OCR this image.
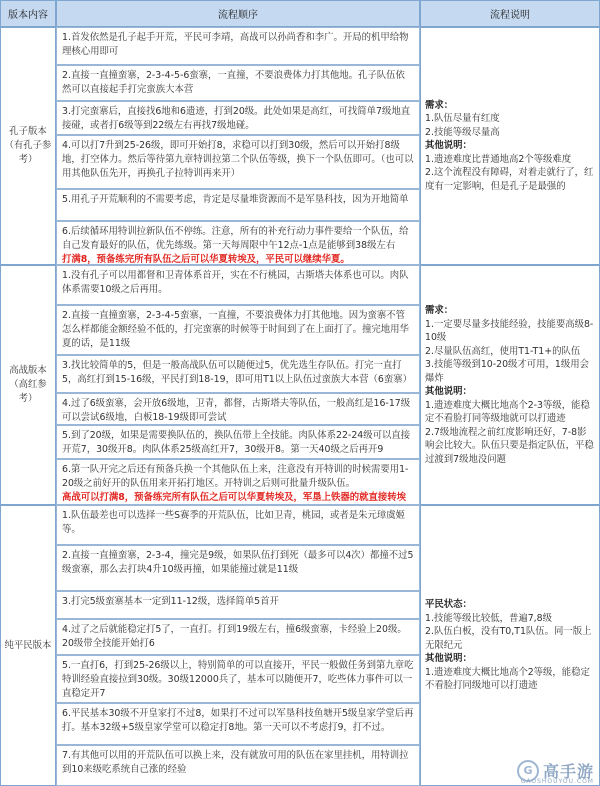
版本内容	流程顺序	流程说明
孔子版本（有孔子参考）
1.首发依然是孔子起手开荒，平民可李靖，高战可以孙尚香和李广。开局的机甲给物理核心用即可
2.直接一直撞蛮寨，2-3-4-5-6蛮寨，一直撞，不要浪费体力打其他地。孔子队伍依然可以直接起手打完蛮族大本营
3.打完蛮寨后，直接找6地和6遗迹，打到20级。此处如果是高红，可找简单7级地直接碰，或者打6级等到22级左右再找7级地碰。
4.可以打7升到25-26级，即可开始打8，求稳可以打到30级，然后可以开始打8级地，打空体力。然后等待第九章特训拉第二个队伍等级，换下一个队伍即可。（也可以用其他队伍先开，再换孔子拉特训再来开）
5.用孔子开荒顺利的不需要考虑，肯定是尽量堆资源而不是军垦科技，因为开地简单
6.后续循环用特训拉新队伍不停练。注意，所有的补充行动力事件要给一个队伍，给自己发育最好的队伍，优先练级。第一天每周限中午12点-1点是能够到38级左右
打满8，预备练完所有队伍之后可以华夏转埃及，平民可以继续华夏。
需求：
1.队伍尽量有红度
2.技能等级尽量高
其他说明：
1.遗迹难度比普通地高2个等级难度
2.这个流程没有障碍，对着走就行了，红度有一定影响，但是孔子是最强的
高战版本（高红参考）
1.没有孔子可以用都督和卫青体系首开，实在不行桃园，古斯塔夫体系也可以。肉队体系需要10级之后再用。
2.直接一直撞蛮寨，2-3-4-5蛮寨，一直撞，不要浪费体力打其他地。因为蛮寨不管怎么样都能金额经验不低的，打完蛮寨的时候等于时间到了在上面打了。撞完地用华夏的话，是11级
3.找比较简单的5，但是一般高战队伍可以随便过5，优先选生存队伍。打完一直打5，高红打到15-16级，平民打到18-19，即可用T1以上队伍过蛮族大本营（6蛮寨）
4.过了6级蛮寨，会开放6级地，卫青，都督，古斯塔夫等队伍，一般高红是16-17级可以尝试6级地，白板18-19级即可尝试
5.到了20级，如果是需要换队伍的，换队伍带上全技能。肉队体系22-24级可以直接开荒7，30级开8。肉队体系25级高红开7，30级开8。第一天40级之后再开9
6.第一队开完之后还有预备兵换一个其他队伍上来，注意没有开特训的时候需要用1-20级之前好开的队伍用来开拓打地区。开特训之后则可批量升级队伍。
高战可以打满8，预备练完所有队伍之后可以华夏转埃及，军垦上铁器的就直接转埃
需求：
1.一定要尽量多技能经验，技能要高级8-10级
2.尽量队伍高红，使用T1-T1+的队伍
3.技能等级到10-20级才可用，1级用会爆炸
其他说明：
1.遗迹难度大概比地高个2-3等级，能稳定不看脸打同等级地就可以打遗迹
2.7级地流程之前红度影响还好，7-8影响会比较大。队伍只要是指定队伍，平稳过渡到7级地没问题
纯平民版本
1.队伍最差也可以选择一些S赛季的开荒队伍，比如卫青，桃园，或者是朱元璋虞姬等。
2.直接一直撞蛮寨，2-3-4，撞完是9级，如果队伍打到死（最多可以4次）都撞不过5级蛮寨，那么去打块4升10级再撞，如果能撞过就是11级
3.打完5级蛮寨基本一定到11-12级，选择简单5首开
4.过了之后就能稳定打5了，一直打。打到19级左右，撞6级蛮寨，卡经验上20级。20级带全技能开始打6
5.一直打6，打到25-26级以上，特别简单的可以直接开，平民一般做任务到第九章吃特训经验直接拉到30级。30级12000兵了，基本可以随便开7，吃些体力事件可以一直稳定开7
6.平民基本30级不开皇家打不过8，如果打不过可以军垦科技鱼塘开5级皇家学堂后再打。基本32级+5级皇家学堂可以稳定打8地。第一天可以不考虑打9，打不过。
7.有其他可以用的开荒队伍可以换上来，没有就放可用的队伍在家里挂机，用特训拉到10来级吃系统自己涨的经验
平民状态：
1.技能等级比较低，普遍7,8级
2.队伍白板，没有T0,T1队伍。同一版上无限纪元
其他说明：
1.遗迹难度大概比地高个2等级，能稳定不看脸打同级地可以打遗迹
G 高手游
GAOSHOUYOU.COM
